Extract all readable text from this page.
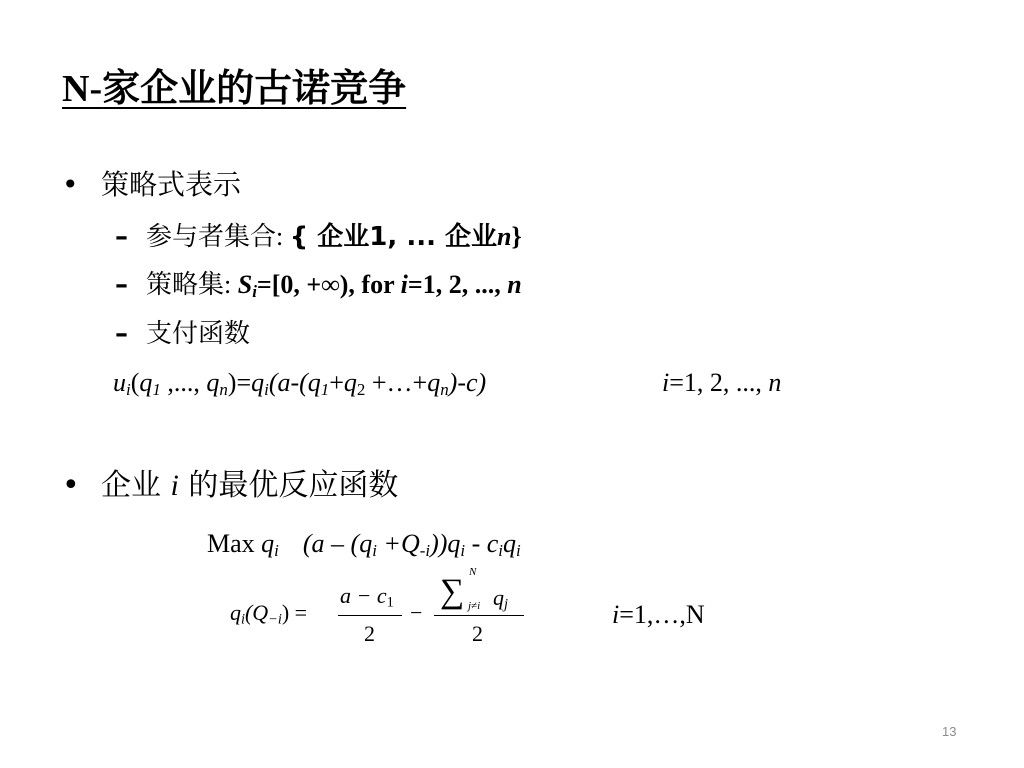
N-家企业的古诺竞争
• 策略式表示
– 参与者集合: { 企业1, ... 企业n}
– 策略集: $S_i=[0$, +∞), for i=1, 2, ..., n
– 支付函数
$u_i(q_1$ ,..., $q_n)=q_i(a-(q_1+q_2$ $+\dots+q_n)-c$)	i=1, 2, ..., n
• 企业 i 的最优反应函数
Max $q_i$ $(a - (q_i +Q_{-i}))q_i - c_iq_i$
$q_i(Q_{-i})$ =
$a - c_1$
2
−
∑
N
j≠i $q_j$
2
i=1,…,N
13
